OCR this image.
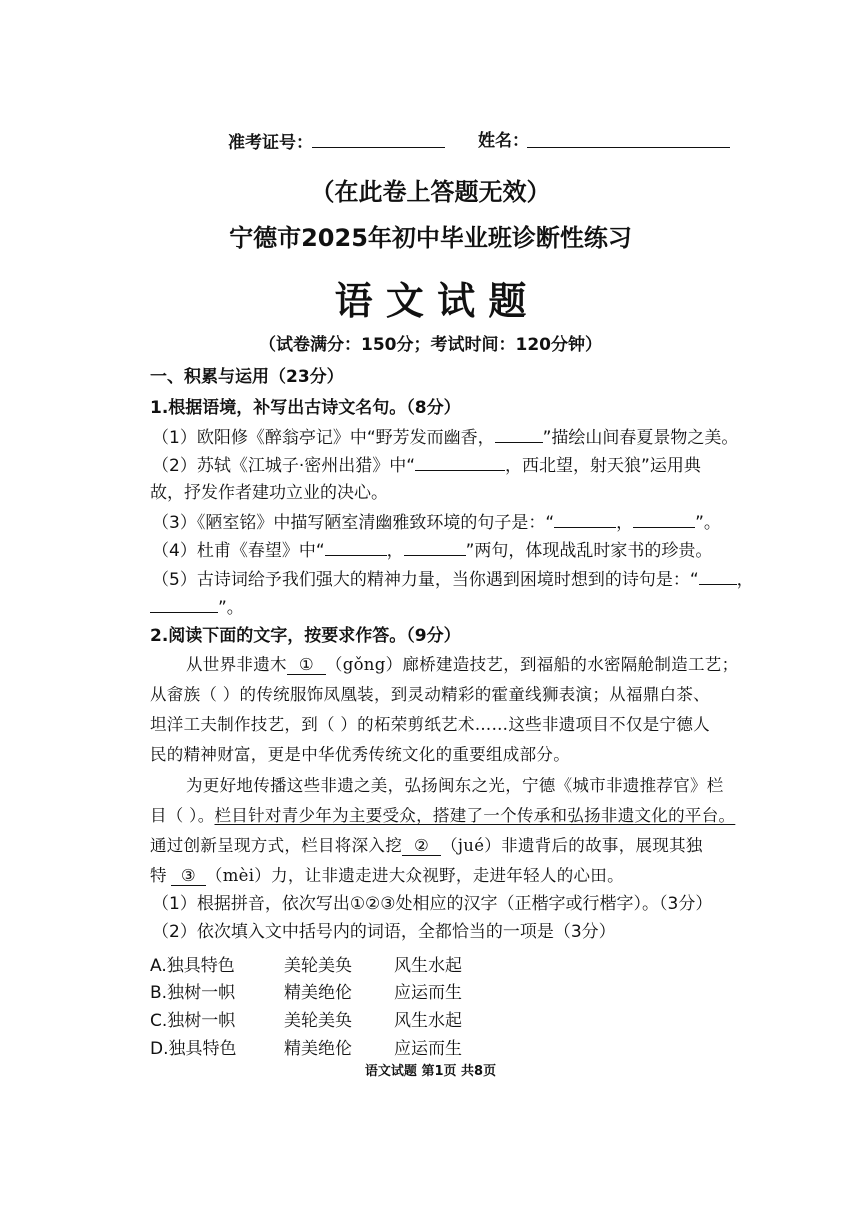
准考证号：	姓名：
（在此卷上答题无效）
宁德市2025年初中毕业班诊断性练习
语 文 试 题
（试卷满分：150分；考试时间：120分钟）
一、积累与运用（23分）
1.根据语境，补写出古诗文名句。（8分）
（1）欧阳修《醉翁亭记》中“野芳发而幽香，	”描绘山间春夏景物之美。
（2）苏轼《江城子·密州出猎》中“	，西北望，射天狼”运用典
故，抒发作者建功立业的决心。
（3）《陋室铭》中描写陋室清幽雅致环境的句子是：“	，	”。
（4）杜甫《春望》中“	，	”两句，体现战乱时家书的珍贵。
（5）古诗词给予我们强大的精神力量，当你遇到困境时想到的诗句是：“ ，
”。
2.阅读下面的文字，按要求作答。（9分）
从世界非遗木 ① （gǒng）廊桥建造技艺，到福船的水密隔舱制造工艺；
从畲族（ ）的传统服饰凤凰装，到灵动精彩的霍童线狮表演；从福鼎白茶、
坦洋工夫制作技艺，到（ ）的柘荣剪纸艺术……这些非遗项目不仅是宁德人
民的精神财富，更是中华优秀传统文化的重要组成部分。
为更好地传播这些非遗之美，弘扬闽东之光，宁德《城市非遗推荐官》栏
目（ ）。栏目针对青少年为主要受众，搭建了一个传承和弘扬非遗文化的平台。
通过创新呈现方式，栏目将深入挖 ② （jué）非遗背后的故事，展现其独
特 ③ （mèi）力，让非遗走进大众视野，走进年轻人的心田。
（1）根据拼音，依次写出①②③处相应的汉字（正楷字或行楷字）。（3分）
（2）依次填入文中括号内的词语，全都恰当的一项是（3分）
A.独具特色	美轮美奂 风生水起
B.独树一帜	精美绝伦 应运而生
C.独树一帜	美轮美奂 风生水起
D.独具特色	精美绝伦 应运而生
语文试题 第1页 共8页
